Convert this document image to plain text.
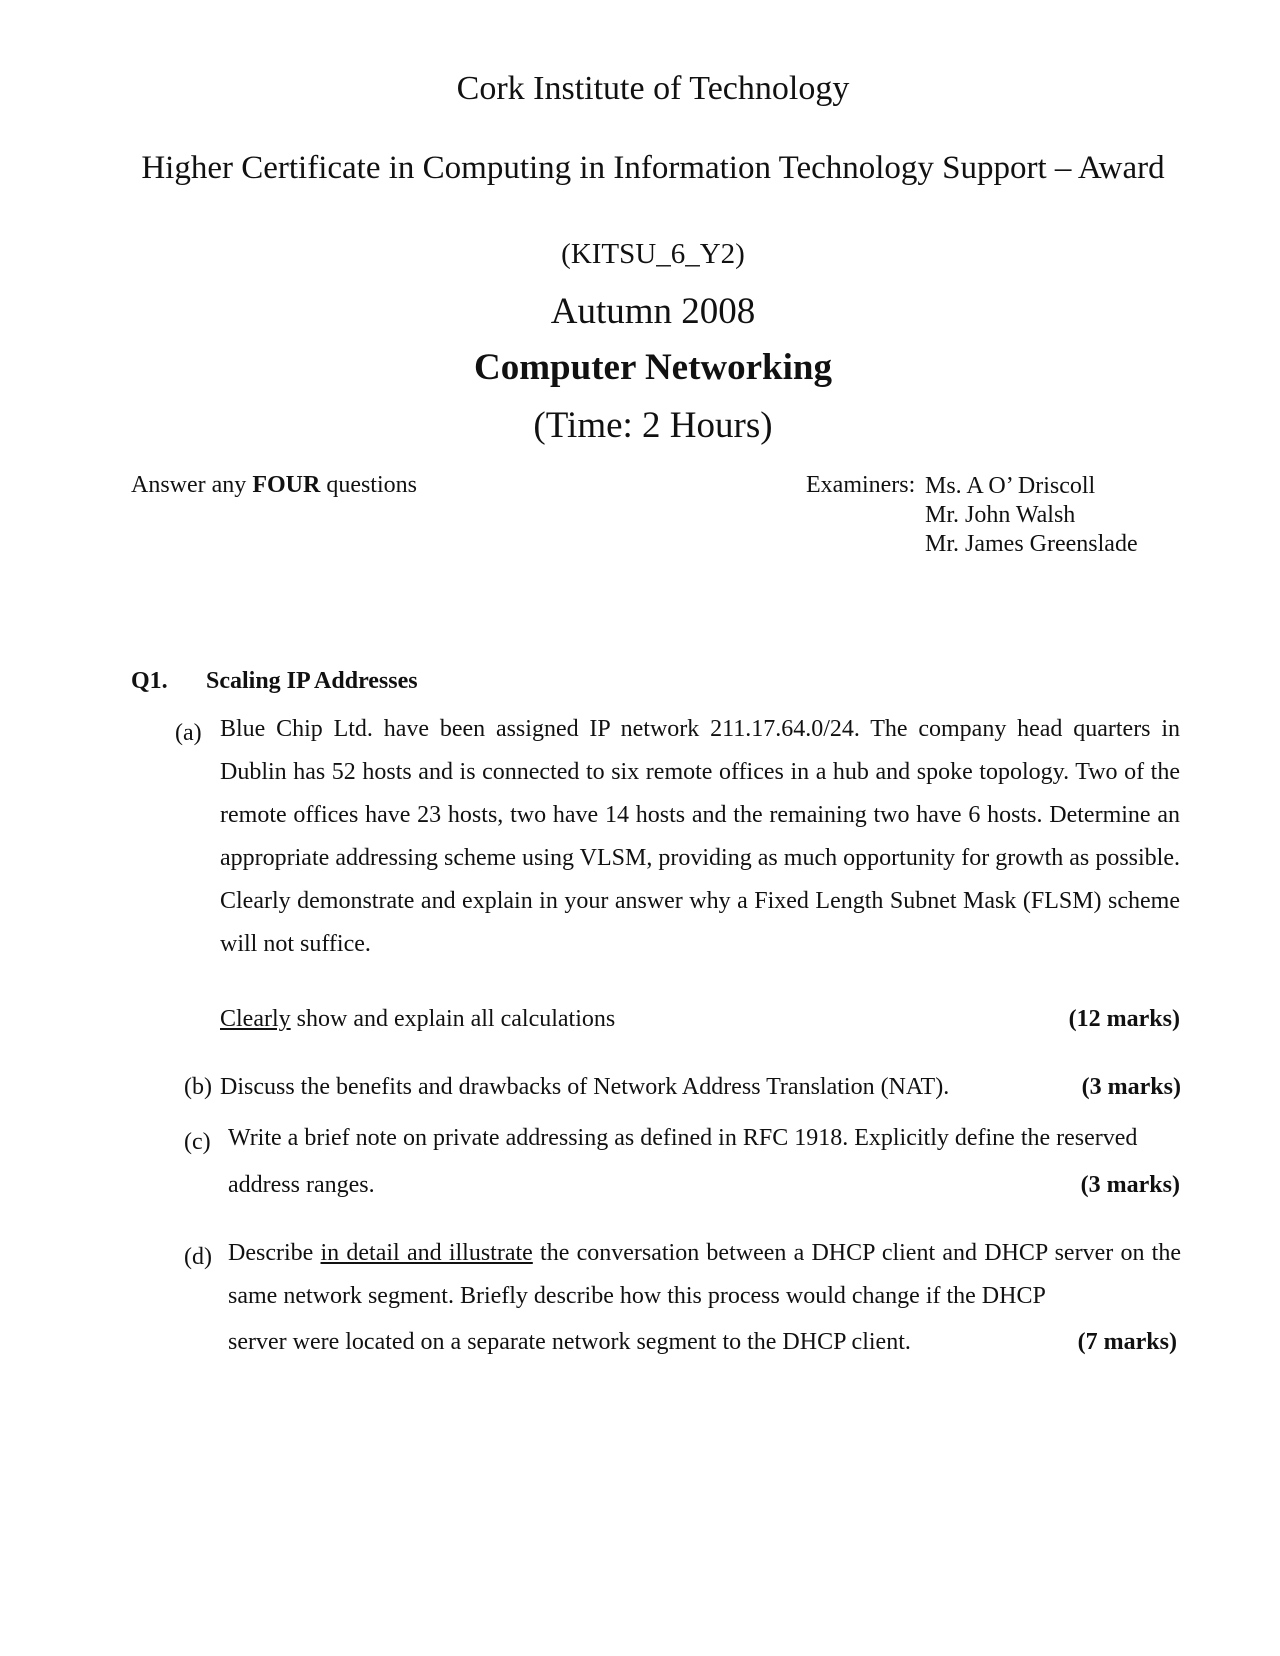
Cork Institute of Technology
Higher Certificate in Computing in Information Technology Support – Award
(KITSU_6_Y2)
Autumn 2008
Computer Networking
(Time: 2 Hours)
Answer any FOUR questions	Examiners: Ms. A O’ Driscoll
Mr. John Walsh
Mr. James Greenslade
Q1. Scaling IP Addresses
(a) Blue Chip Ltd. have been assigned IP network 211.17.64.0/24. The company head quarters in Dublin has 52 hosts and is connected to six remote offices in a hub and spoke topology. Two of the remote offices have 23 hosts, two have 14 hosts and the remaining two have 6 hosts. Determine an appropriate addressing scheme using VLSM, providing as much opportunity for growth as possible. Clearly demonstrate and explain in your answer why a Fixed Length Subnet Mask (FLSM) scheme will not suffice.
Clearly show and explain all calculations	(12 marks)
(b) Discuss the benefits and drawbacks of Network Address Translation (NAT).	(3 marks)
(c) Write a brief note on private addressing as defined in RFC 1918. Explicitly define the reserved
address ranges.	(3 marks)
(d) Describe in detail and illustrate the conversation between a DHCP client and DHCP server on the same network segment. Briefly describe how this process would change if the DHCP
server were located on a separate network segment to the DHCP client.	(7 marks)
